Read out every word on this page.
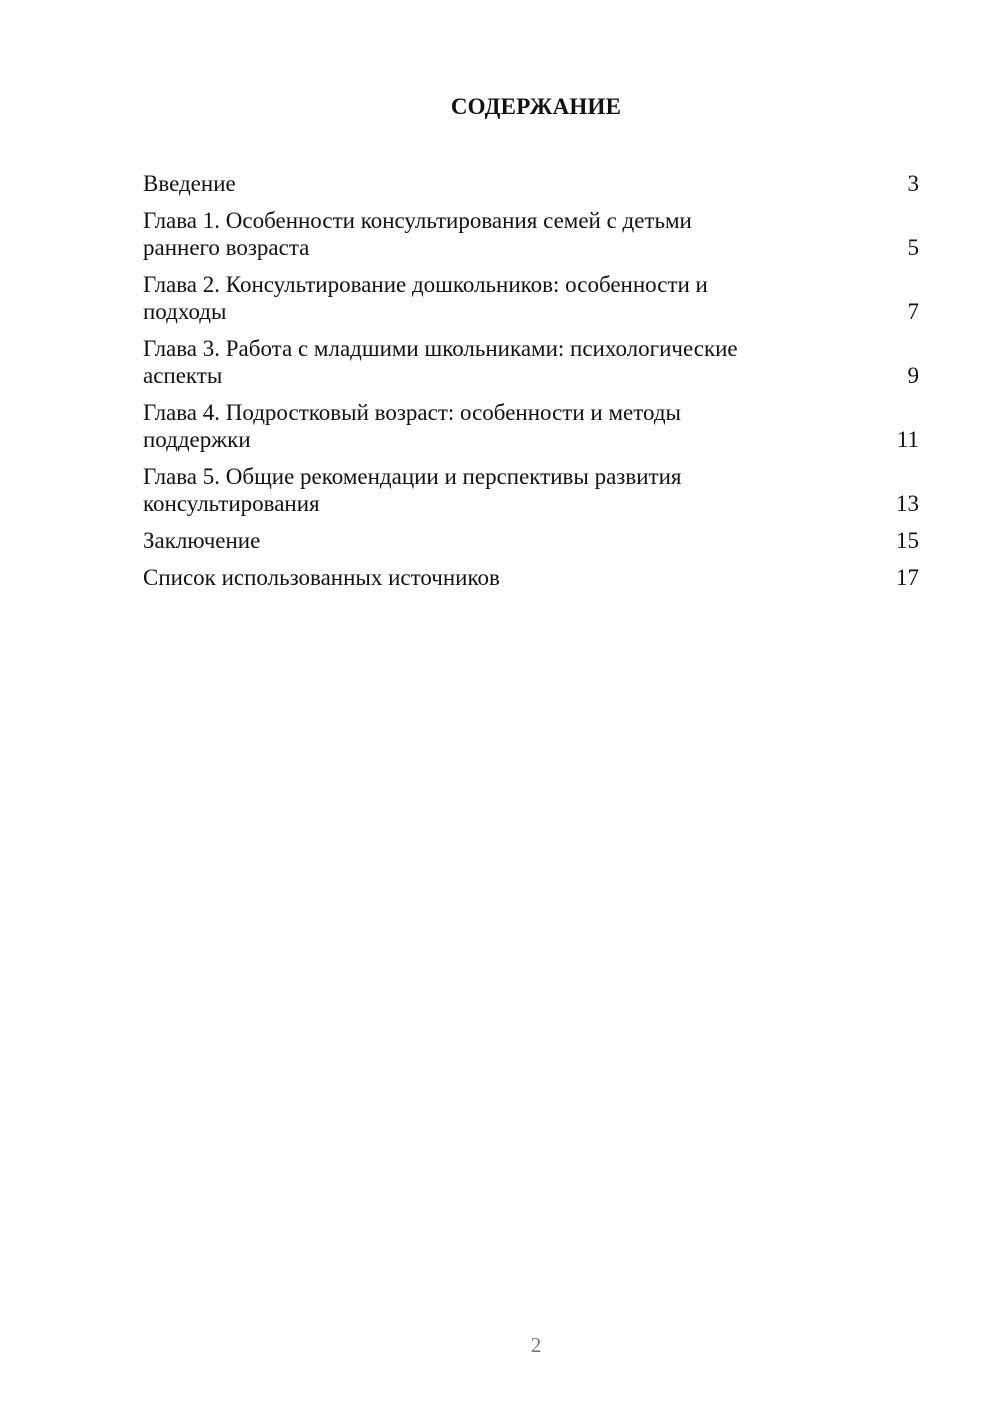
СОДЕРЖАНИЕ
Введение	3
Глава 1. Особенности консультирования семей с детьми
раннего возраста	5
Глава 2. Консультирование дошкольников: особенности и
подходы	7
Глава 3. Работа с младшими школьниками: психологические
аспекты	9
Глава 4. Подростковый возраст: особенности и методы
поддержки	11
Глава 5. Общие рекомендации и перспективы развития
консультирования	13
Заключение	15
Список использованных источников	17
2
